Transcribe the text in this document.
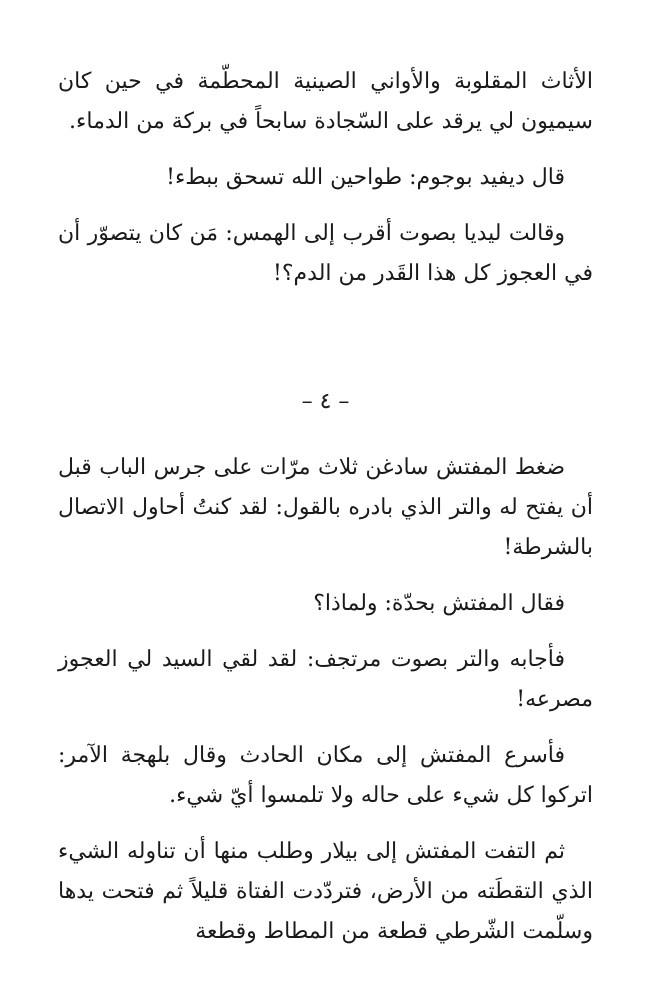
الأثاث المقلوبة والأواني الصينية المحطّمة في حين كان سيميون لي يرقد على السّجادة سابحاً في بركة من الدماء.

قال ديفيد بوجوم: طواحين الله تسحق ببطء!

وقالت ليديا بصوت أقرب إلى الهمس: مَن كان يتصوّر أن في العجوز كل هذا القَدر من الدم؟!

– ٤ –

ضغط المفتش سادغن ثلاث مرّات على جرس الباب قبل أن يفتح له والتر الذي بادره بالقول: لقد كنتُ أحاول الاتصال بالشرطة!

فقال المفتش بحدّة: ولماذا؟

فأجابه والتر بصوت مرتجف: لقد لقي السيد لي العجوز مصرعه!

فأسرع المفتش إلى مكان الحادث وقال بلهجة الآمر: اتركوا كل شيء على حاله ولا تلمسوا أيّ شيء.

ثم التفت المفتش إلى بيلار وطلب منها أن تناوله الشيء الذي التقطَته من الأرض، فتردّدت الفتاة قليلاً ثم فتحت يدها وسلّمت الشّرطي قطعة من المطاط وقطعة
